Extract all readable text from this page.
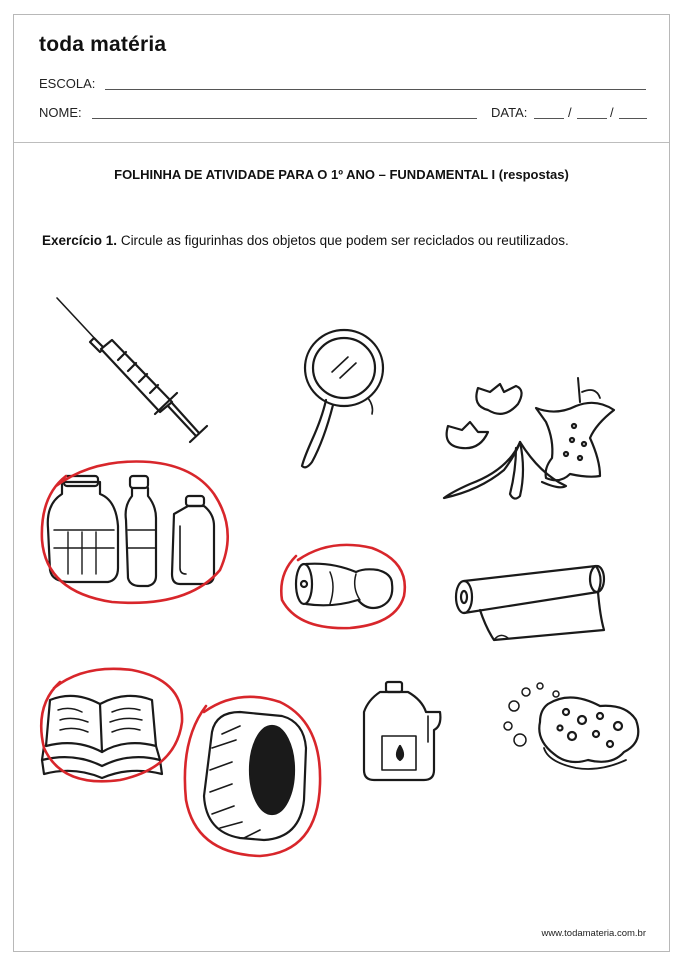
toda matéria
ESCOLA:
NOME:	DATA:	/	/
FOLHINHA DE ATIVIDADE PARA O 1º ANO – FUNDAMENTAL I (respostas)
Exercício 1. Circule as figurinhas dos objetos que podem ser reciclados ou reutilizados.
www.todamateria.com.br
